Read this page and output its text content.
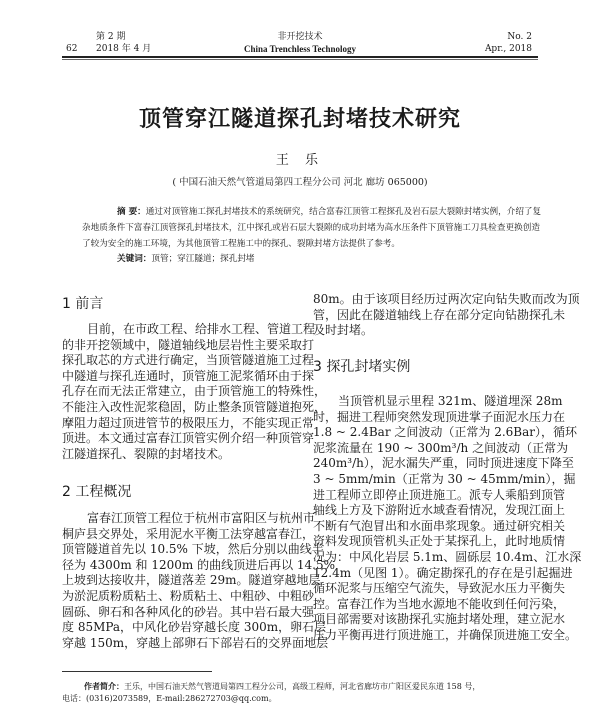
第 2 期	非开挖技术	No. 2
62 2018 年 4 月	China Trenchless Technology	Apr., 2018
顶管穿江隧道探孔封堵技术研究
王 乐
( 中国石油天然气管道局第四工程分公司 河北 廊坊 065000)
摘 要：通过对顶管施工探孔封堵技术的系统研究，结合富春江顶管工程探孔及岩石层大裂隙封堵实例，介绍了复
杂地质条件下富春江顶管探孔封堵技术，江中探孔或岩石层大裂隙的成功封堵为高水压条件下顶管施工刀具检查更换创造
了较为安全的施工环境，为其他顶管工程施工中的探孔、裂隙封堵方法提供了参考。
关键词：顶管；穿江隧道；探孔封堵
1 前言
目前，在市政工程、给排水工程、管道工程
的非开挖领域中，隧道轴线地层岩性主要采取打
探孔取芯的方式进行确定，当顶管隧道施工过程
中隧道与探孔连通时，顶管施工泥浆循环由于探
孔存在而无法正常建立，由于顶管施工的特殊性，
不能注入改性泥浆稳固，防止整条顶管隧道抱死，
摩阻力超过顶进管节的极限压力，不能实现正常
顶进。本文通过富春江顶管实例介绍一种顶管穿
江隧道探孔、裂隙的封堵技术。
2 工程概况
富春江顶管工程位于杭州市富阳区与杭州市
桐庐县交界处，采用泥水平衡工法穿越富春江，
顶管隧道首先以 10.5% 下坡，然后分别以曲线半
径为 4300m 和 1200m 的曲线顶进后再以 14.5%
上坡到达接收井，隧道落差 29m。隧道穿越地层
为淤泥质粉质粘土、粉质粘土、中粗砂、中粗砂
圆砾、卵石和各种风化的砂岩。其中岩石最大强
度 85MPa，中风化砂岩穿越长度 300m，卵石层
穿越 150m，穿越上部卵石下部岩石的交界面地层
80m。由于该项目经历过两次定向钻失败而改为顶
管，因此在隧道轴线上存在部分定向钻勘探孔未
及时封堵。
3 探孔封堵实例
当顶管机显示里程 321m、隧道埋深 28m
时，掘进工程师突然发现顶进掌子面泥水压力在
1.8 ~ 2.4Bar 之间波动（正常为 2.6Bar），循环
泥浆流量在 190 ~ 300m³/h 之间波动（正常为
240m³/h），泥水漏失严重，同时顶进速度下降至
3 ~ 5mm/min（正常为 30 ~ 45mm/min），掘
进工程师立即停止顶进施工。派专人乘船到顶管
轴线上方及下游附近水域查看情况，发现江面上
不断有气泡冒出和水面串浆现象。通过研究相关
资料发现顶管机头正处于某探孔上，此时地质情
况为：中风化岩层 5.1m、圆砾层 10.4m、江水深
12.4m（见图 1）。确定勘探孔的存在是引起掘进
循环泥浆与压缩空气流失，导致泥水压力平衡失
控。富春江作为当地水源地不能收到任何污染，
项目部需要对该勘探孔实施封堵处理，建立泥水
压力平衡再进行顶进施工，并确保顶进施工安全。
作者简介：王乐，中国石油天然气管道局第四工程分公司，高级工程师，河北省廊坊市广阳区爱民东道 158 号，
电话：(0316)2073589，E-mail:286272703@qq.com。
